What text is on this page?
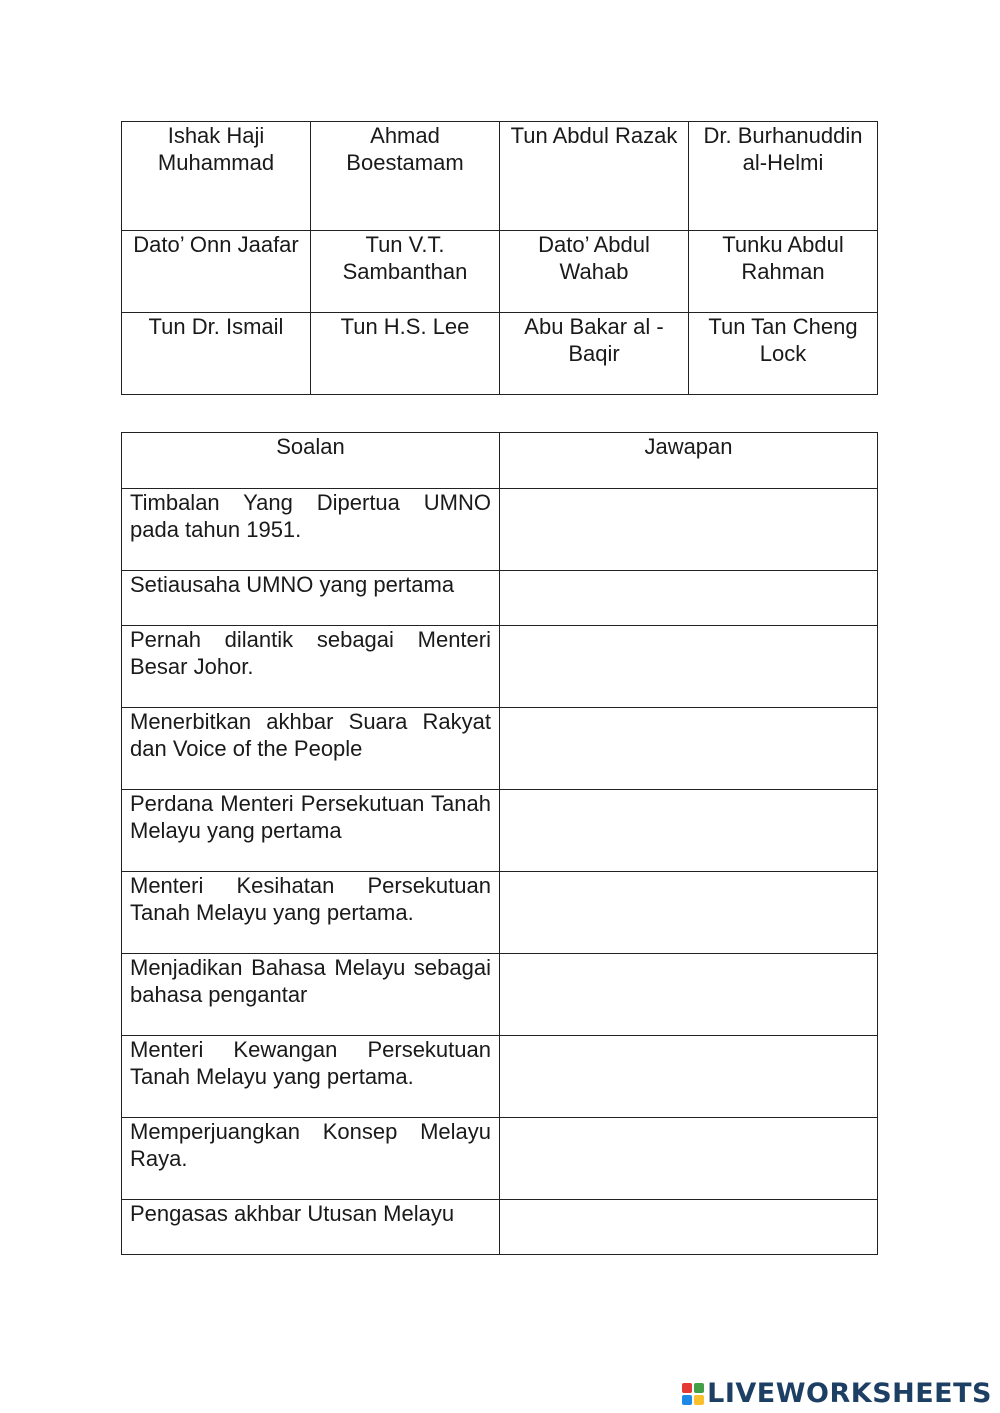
Ishak Haji Muhammad	Ahmad Boestamam	Tun Abdul Razak	Dr. Burhanuddin al-Helmi
Dato’ Onn Jaafar	Tun V.T. Sambanthan	Dato’ Abdul Wahab	Tunku Abdul Rahman
Tun Dr. Ismail	Tun H.S. Lee	Abu Bakar al - Baqir	Tun Tan Cheng Lock
Soalan	Jawapan
Timbalan Yang Dipertua UMNO pada tahun 1951.	
Setiausaha UMNO yang pertama	
Pernah dilantik sebagai Menteri Besar Johor.	
Menerbitkan akhbar Suara Rakyat dan Voice of the People	
Perdana Menteri Persekutuan Tanah Melayu yang pertama	
Menteri Kesihatan Persekutuan Tanah Melayu yang pertama.	
Menjadikan Bahasa Melayu sebagai bahasa pengantar	
Menteri Kewangan Persekutuan Tanah Melayu yang pertama.	
Memperjuangkan Konsep Melayu Raya.	
Pengasas akhbar Utusan Melayu	
LIVEWORKSHEETS
